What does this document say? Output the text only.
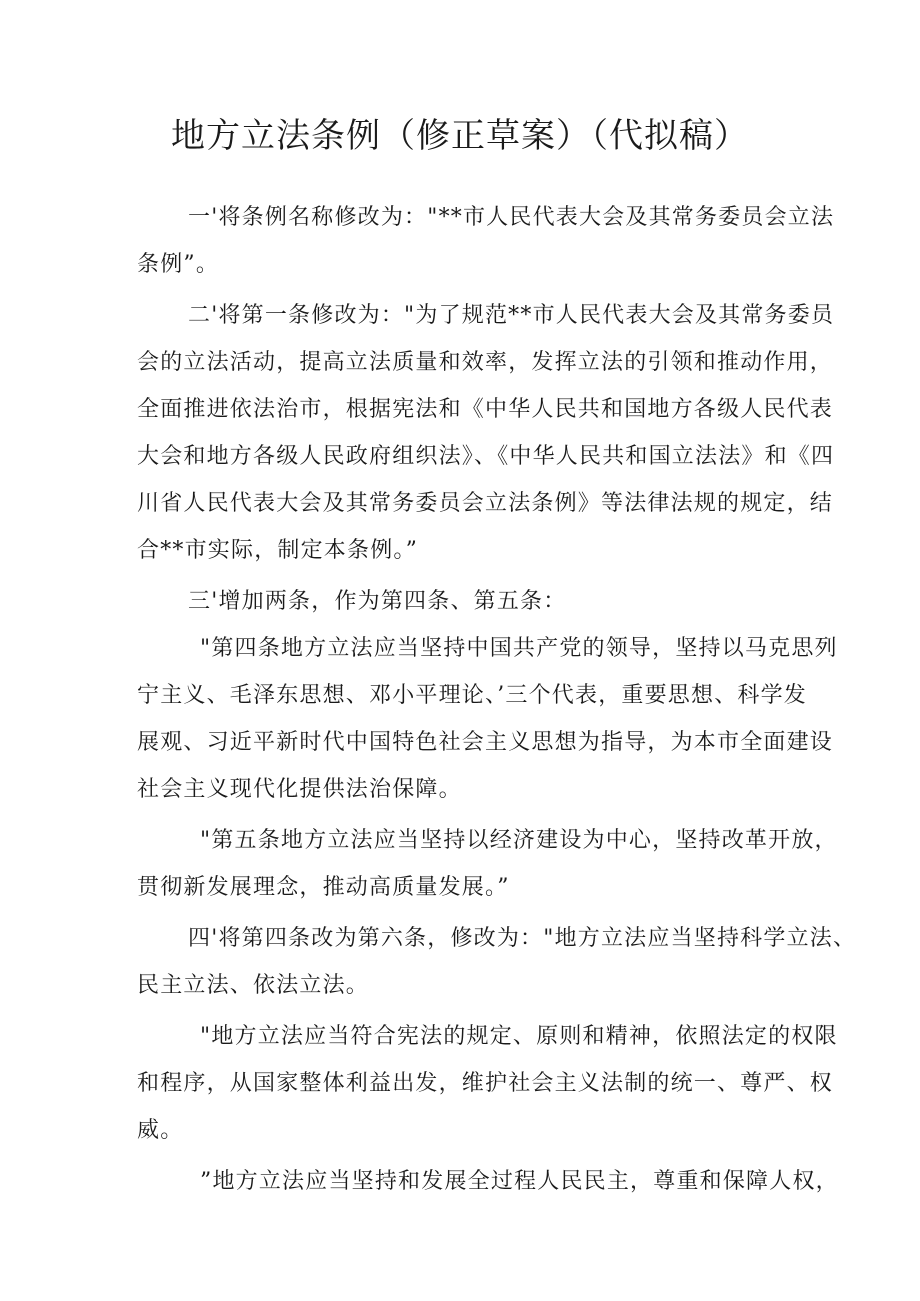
地方立法条例（修正草案）（代拟稿）

一'将条例名称修改为："**市人民代表大会及其常务委员会立法

条例”。

二'将第一条修改为："为了规范**市人民代表大会及其常务委员

会的立法活动，提高立法质量和效率，发挥立法的引领和推动作用，

全面推进依法治市，根据宪法和《中华人民共和国地方各级人民代表

大会和地方各级人民政府组织法》、《中华人民共和国立法法》和《四

川省人民代表大会及其常务委员会立法条例》等法律法规的规定，结

合**市实际，制定本条例。”

三'增加两条，作为第四条、第五条：

"第四条地方立法应当坚持中国共产党的领导，坚持以马克思列

宁主义、毛泽东思想、邓小平理论、’三个代表，重要思想、科学发

展观、习近平新时代中国特色社会主义思想为指导，为本市全面建设

社会主义现代化提供法治保障。

"第五条地方立法应当坚持以经济建设为中心，坚持改革开放，

贯彻新发展理念，推动高质量发展。”

四'将第四条改为第六条，修改为："地方立法应当坚持科学立法、

民主立法、依法立法。

"地方立法应当符合宪法的规定、原则和精神，依照法定的权限

和程序，从国家整体利益出发，维护社会主义法制的统一、尊严、权

威。

”地方立法应当坚持和发展全过程人民民主，尊重和保障人权，
